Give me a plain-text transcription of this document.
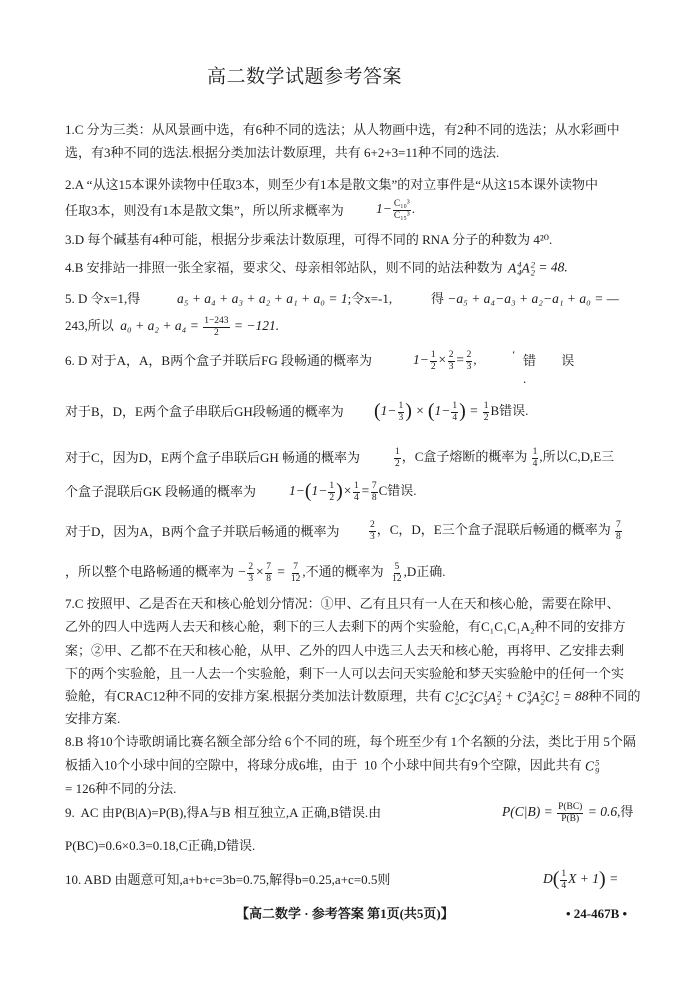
高二数学试题参考答案
1.C 分为三类：从风景画中选，有6种不同的选法；从人物画中选，有2种不同的选法；从水彩画中
选，有3种不同的选法.根据分类加法计数原理，共有 6+2+3=11种不同的选法.
2.A “从这15本课外读物中任取3本，则至少有1本是散文集”的对立事件是“从这15本课外读物中
任取3本，则没有1本是散文集”，所以所求概率为 $1- \frac{\text{C₁₀³}}{\text{C₁₅³}}$ .
3.D 每个碱基有4种可能，根据分步乘法计数原理，可得不同的 RNA 分子的种数为 4²⁰.
4.B 安排站一排照一张全家福，要求父、母亲相邻站队，则不同的站法种数为 A 4
4 A 2
2 = 48.
5. D 令x=1,得	a₅ + a₄ + a₃ + a₂ + a₁ + a₀ = 1;令x=-1,	得 −a₅ + a₄−a₃ + a₂−a₁ + a₀ = —
243,所以  $a_0 + a_2 + a_4 = \frac{1-243}{2} = -121$.
6. D 对于A，A，B两个盒子并联后FG 段畅通的概率为	$1- \frac{1}{2} \times \frac{2}{3} = \frac{2}{3}$ ,	‘ 错 误
.
对于B，D，E两个盒子串联后GH段畅通的概率为 ($1- \frac{1}{3}$ ) × ($1- \frac{1}{4}$ ) = $\frac{1}{2}$ B错误.
对于C，因为D，E两个盒子串联后GH 畅通的概率为	$\frac{1}{2}$ ，C盒子熔断的概率为 $\frac{1}{4}$ ,所以C,D,E三
个盒子混联后GK 段畅通的概率为 $1-(1- \frac{1}{2}$ )× $\frac{1}{4} = \frac{7}{8}$ C错误.
对于D，因为A，B两个盒子并联后畅通的概率为	$\frac{2}{3}$ ，C，D，E三个盒子混联后畅通的概率为 $\frac{7}{8}$
，所以整个电路畅通的概率为 − $\frac{2}{3} \times \frac{7}{8} = \frac{7}{12}$ ,不通的概率为 $\frac{5}{12} ,D$正确.
7.C 按照甲、乙是否在天和核心舱划分情况：①甲、乙有且只有一人在天和核心舱，需要在除甲、
乙外的四人中选两人去天和核心舱，剩下的三人去剩下的两个实验舱，有C₁C₁C₁A₂种不同的安排方
案；②甲、乙都不在天和核心舱，从甲、乙外的四人中选三人去天和核心舱，再将甲、乙安排去剩
下的两个实验舱，且一人去一个实验舱，剩下一人可以去问天实验舱和梦天实验舱中的任何一个实
验舱，有CRAC12种不同的安排方案.根据分类加法计数原理，共有 C 1
2 C 2
4 C 1
3 A 2
2 + C 3
4 A 2
2 C 1
2 = 88种不同的
安排方案.
8.B 将10个诗歌朗诵比赛名额全部分给 6个不同的班，每个班至少有 1个名额的分法，类比于用 5个隔
板插入10个小球中间的空隙中，将球分成6堆，由于  10 个小球中间共有9个空隙，因此共有 C 5
9
= 126种不同的分法.
9.  AC 由P(B|A)=P(B),得A与B 相互独立,A 正确,B错误.由	$P(C|B) = \frac{P(BC)}{P(B)} = 0.6$,得
P(BC)=0.6×0.3=0.18,C正确,D错误.
10. ABD 由题意可知,a+b+c=3b=0.75,解得b=0.25,a+c=0.5则	$D( \frac{1}{4}$ X + 1) =
【高二数学 · 参考答案 第1页(共5页)】	• 24-467B •
